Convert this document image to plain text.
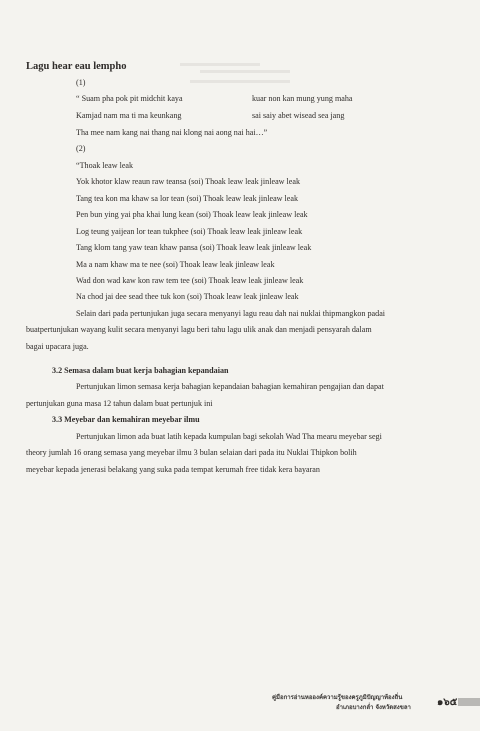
Lagu hear eau lempho
(1)
“ Suam pha pok pit midchit kaya	kuar non kan mung yung maha
Kamjad nam ma ti ma keunkang	sai saiy abet wisead sea jang
Tha mee nam kang nai thang nai klong nai aong nai hai…”
(2)
“Thoak leaw leak
Yok khotor klaw reaun raw teansa (soi) Thoak leaw leak jinleaw leak
Tang tea kon ma khaw sa lor tean (soi) Thoak leaw leak jinleaw leak
Pen bun ying yai pha khai lung kean (soi) Thoak leaw leak jinleaw leak
Log teung yaijean lor tean tukphee (soi) Thoak leaw leak jinleaw leak
Tang klom tang yaw tean khaw pansa (soi) Thoak leaw leak jinleaw leak
Ma a nam khaw ma te nee (soi) Thoak leaw leak jinleaw leak
Wad don wad kaw kon raw tem tee (soi) Thoak leaw leak jinleaw leak
Na chod jai dee sead thee tuk kon (soi) Thoak leaw leak jinleaw leak
Selain dari pada pertunjukan juga secara menyanyi lagu reau dah nai nuklai thipmangkon padai
buatpertunjukan wayang kulit secara menyanyi lagu beri tahu lagu ulik anak dan menjadi pensyarah dalam
bagai upacara juga.
3.2 Semasa dalam buat kerja bahagian kepandaian
Pertunjukan limon semasa kerja bahagian kepandaian bahagian kemahiran pengajian dan dapat
pertunjukan guna masa 12 tahun dalam buat pertunjuk ini
3.3 Meyebar dan kemahiran meyebar ilmu
Pertunjukan limon ada buat latih kepada kumpulan bagi sekolah Wad Tha mearu meyebar segi
theory jumlah 16 orang semasa yang meyebar ilmu 3 bulan selaian dari pada itu Nuklai Thipkon bolih
meyebar kepada jenerasi belakang yang suka pada tempat kerumah free tidak kera bayaran
คู่มือการอ่านหอองค์ความรู้ของครูภูมิปัญญาท้องถิ่น
อำเภอบางกล่ำ จังหวัดสงขลา	๑๖๕
